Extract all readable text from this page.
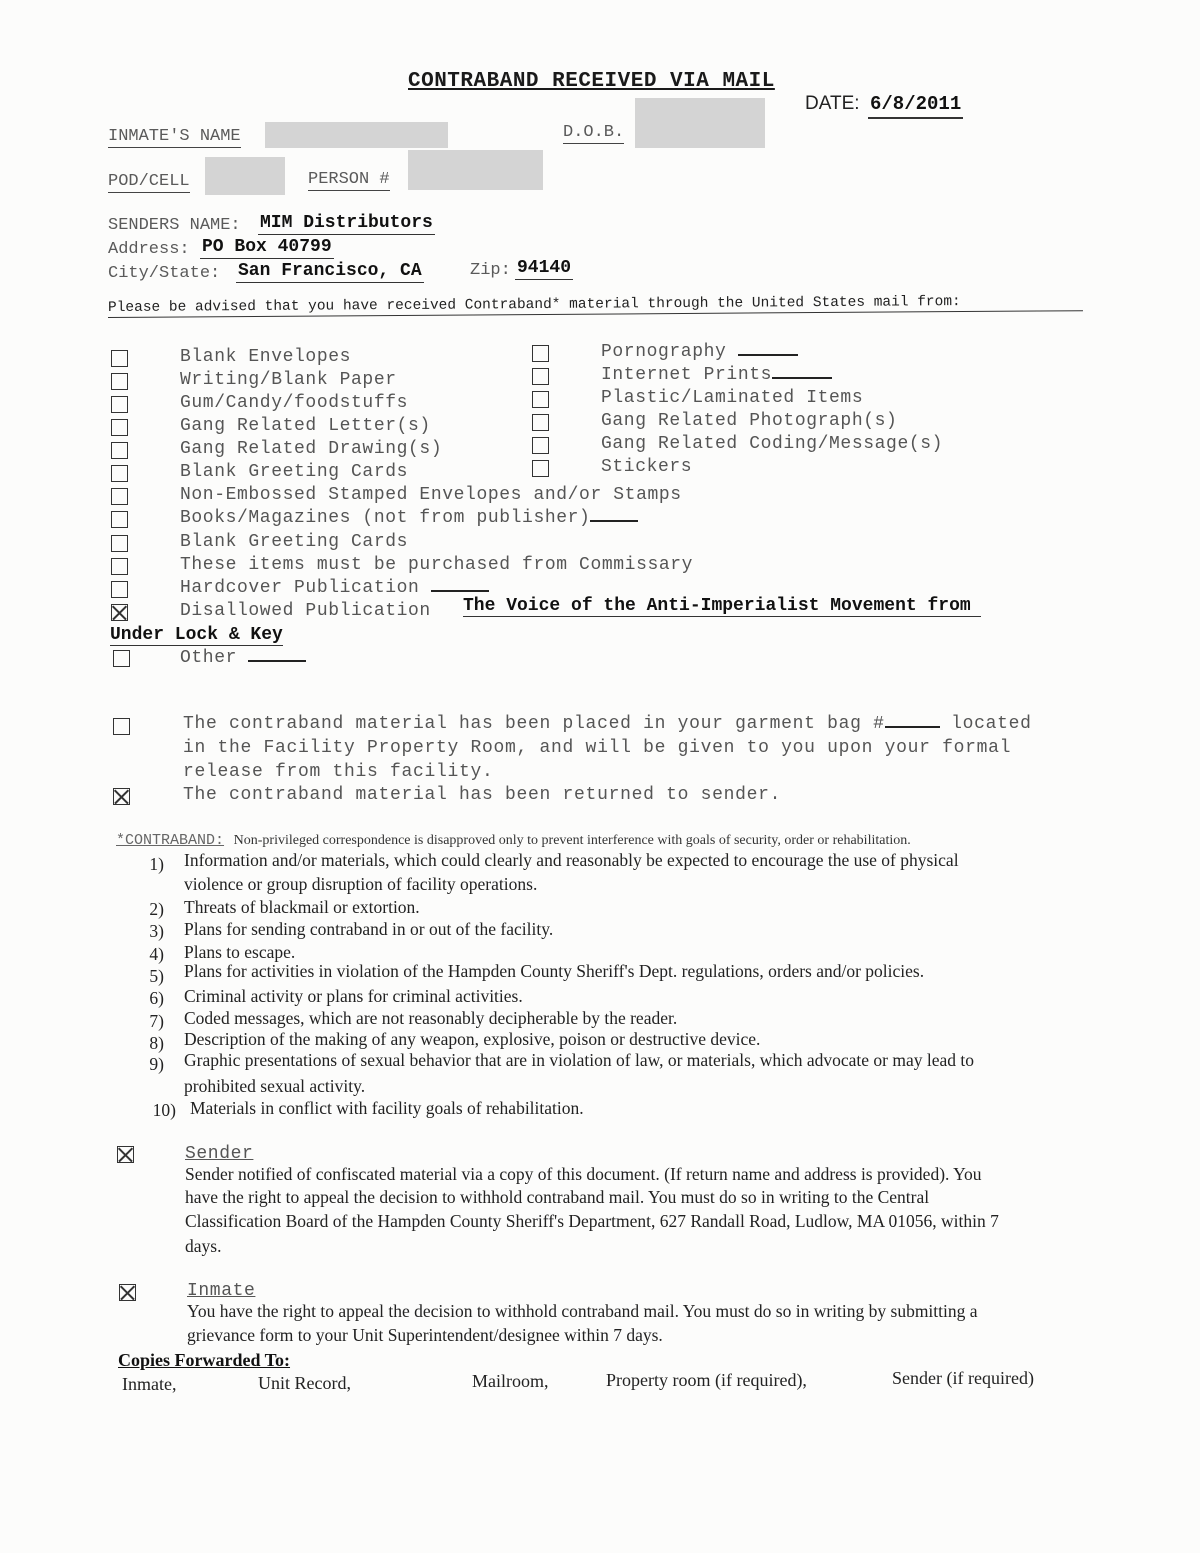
CONTRABAND RECEIVED VIA MAIL
DATE: 6/8/2011
INMATE'S NAME	D.O.B.
POD/CELL	PERSON #
SENDERS NAME: MIM Distributors
Address: PO Box 40799
City/State: San Francisco, CA	Zip: 94140
Please be advised that you have received Contraband* material through the United States mail from:
Blank Envelopes
Writing/Blank Paper
Gum/Candy/foodstuffs
Gang Related Letter(s)
Gang Related Drawing(s)
Blank Greeting Cards
Non-Embossed Stamped Envelopes and/or Stamps
Books/Magazines (not from publisher)
Blank Greeting Cards
These items must be purchased from Commissary
Hardcover Publication
Disallowed Publication The Voice of the Anti-Imperialist Movement from
Under Lock & Key
Other
Pornography
Internet Prints
Plastic/Laminated Items
Gang Related Photograph(s)
Gang Related Coding/Message(s)
Stickers
The contraband material has been placed in your garment bag #	located
in the Facility Property Room, and will be given to you upon your formal
release from this facility.
The contraband material has been returned to sender.
*CONTRABAND: Non-privileged correspondence is disapproved only to prevent interference with goals of security, order or rehabilitation.
1) Information and/or materials, which could clearly and reasonably be expected to encourage the use of physical
violence or group disruption of facility operations.
2) Threats of blackmail or extortion.
3) Plans for sending contraband in or out of the facility.
4) Plans to escape.
5) Plans for activities in violation of the Hampden County Sheriff's Dept. regulations, orders and/or policies.
6) Criminal activity or plans for criminal activities.
7) Coded messages, which are not reasonably decipherable by the reader.
8) Description of the making of any weapon, explosive, poison or destructive device.
9) Graphic presentations of sexual behavior that are in violation of law, or materials, which advocate or may lead to
prohibited sexual activity.
10) Materials in conflict with facility goals of rehabilitation.
Sender
Sender notified of confiscated material via a copy of this document. (If return name and address is provided). You
have the right to appeal the decision to withhold contraband mail. You must do so in writing to the Central
Classification Board of the Hampden County Sheriff's Department, 627 Randall Road, Ludlow, MA 01056, within 7
days.
Inmate
You have the right to appeal the decision to withhold contraband mail. You must do so in writing by submitting a
grievance form to your Unit Superintendent/designee within 7 days.
Copies Forwarded To:
Inmate,	Unit Record,	Mailroom,	Property room (if required),	Sender (if required)
